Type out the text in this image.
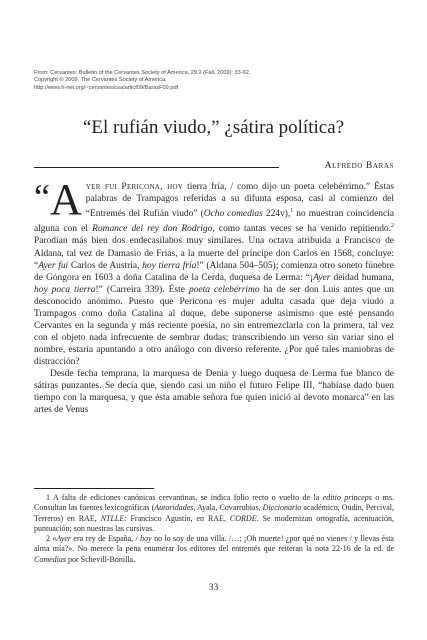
From: Cervantes: Bulletin of the Cervantes Society of America, 29.2 (Fall, 2009): 33-62.
Copyright © 2009, The Cervantes Society of America.
http://www.h-net.org/~cervantes/csa/articf09/BarasF09.pdf
“El rufián viudo,” ¿sátira política?
Alfredo Baras

“A yer fui Pericona, hoy tierra fría, / como dijo un poeta celebérrimo.” Éstas palabras de Trampagos referidas a su difunta esposa, casi al comienzo del “Entremés del Rufián viudo” (Ocho comedias 224v),$^1$ no muestran coincidencia alguna con el Romance del rey don Rodrigo, como tantas veces se ha venido repitiendo.$^2$ Parodian más bien dos endecasílabos muy similares. Una octava atribuida a Francisco de Aldana, tal vez de Damasio de Frías, a la muerte del príncipe don Carlos en 1568, concluye: “Ayer fui Carlos de Austria, hoy tierra fría!” (Aldana 504–505); comienza otro soneto fúnebre de Góngora en 1603 a doña Catalina de la Cerda, duquesa de Lerma: “¡Ayer deidad humana, hoy poca tierra!” (Carreira 339). Éste poeta celebérrimo ha de ser don Luis antes que un desconocido anónimo. Puesto que Pericona es mujer adulta casada que deja viudo a Trampagos como doña Catalina al duque, debe suponerse asimismo que esté pensando Cervantes en la segunda y más reciente poesía, no sin entremezclarla con la primera, tal vez con el objeto nada infrecuente de sembrar dudas; transcribiendo un verso sin variar sino el nombre, estaría apuntando a otro análogo con diverso referente. ¿Por qué tales maniobras de distracción?

Desde fecha temprana, la marquesa de Denia y luego duquesa de Lerma fue blanco de sátiras punzantes. Se decía que, siendo casi un niño el futuro Felipe III, “habíase dado buen tiempo con la marquesa, y que ésta amable señora fue quien inició al devoto monarca” en las artes de Venus

1 A falta de ediciones canónicas cervantinas, se indica folio recto o vuelto de la editio princeps o ms. Consultan las fuentes lexicográficas (Autoridades, Ayala, Covarrubias, Diccionario académico, Oudin, Percival, Terreros) en RAE, NTLLE: Francisco Agustín, en RAE, CORDE. Se modernizan ortografía, acentuación, puntuación; son nuestras las cursivas.

2 «Ayer era rey de España, / hoy no lo soy de una villa. /…; ¡Oh muerte! ¿por qué no vienes / y llevas ésta alma mía?». No merece la pena enumerar los editores del entremés que reiteran la nota 22-16 de la ed. de Comedias por Schevill-Bonilla.

33
